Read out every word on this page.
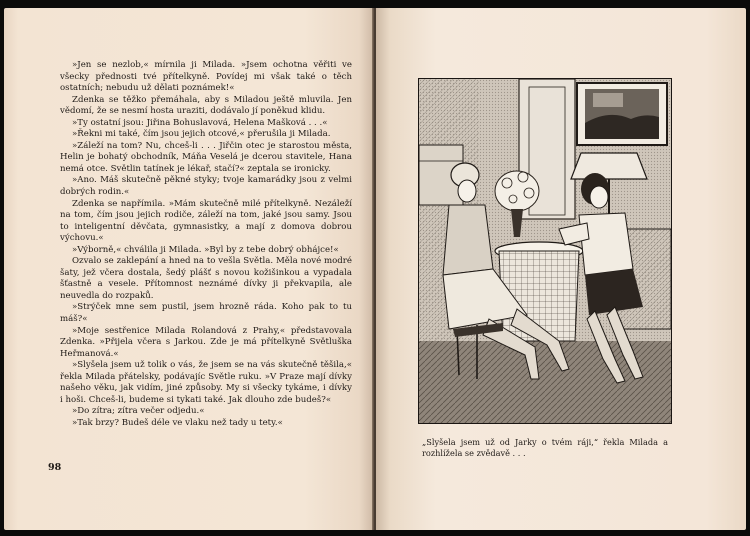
»Jen se nezlob,« mírnila ji Milada. »Jsem ochotna věřiti ve všecky přednosti tvé přítelkyně. Povídej mi však také o těch ostatních; nebudu už dělati poznámek!«

Zdenka se těžko přemáhala, aby s Miladou ještě mluvila. Jen vědomí, že se nesmí hosta uraziti, dodávalo jí poněkud klidu.

»Ty ostatní jsou: Jiřina Bohuslavová, Helena Mašková . . .«

»Řekni mi také, čím jsou jejich otcové,« přerušila ji Milada.

»Záleží na tom? Nu, chceš-li . . . Jiřčin otec je starostou města, Helin je bohatý obchodník, Máňa Veselá je dcerou stavitele, Hana nemá otce. Světlin tatínek je lékař, stačí?« zeptala se ironicky.

»Ano. Máš skutečně pěkné styky; tvoje kamarádky jsou z velmi dobrých rodin.«

Zdenka se napřímila. »Mám skutečně milé přítelkyně. Nezáleží na tom, čím jsou jejich rodiče, záleží na tom, jaké jsou samy. Jsou to inteligentní děvčata, gymnasistky, a mají z domova dobrou výchovu.«

»Výborně,« chválila ji Milada. »Byl by z tebe dobrý obhájce!«

Ozvalo se zaklepání a hned na to vešla Světla. Měla nové modré šaty, jež včera dostala, šedý plášť s novou kožišinkou a vypadala šťastně a vesele. Přítomnost neznámé dívky ji překvapila, ale neuvedla do rozpaků.

»Strýček mne sem pustil, jsem hrozně ráda. Koho pak to tu máš?«

»Moje sestřenice Milada Rolandová z Prahy,« představovala Zdenka. »Přijela včera s Jarkou. Zde je má přítelkyně Světluška Heřmanová.«

»Slyšela jsem už tolik o vás, že jsem se na vás skutečně těšila,« řekla Milada přátelsky, podávajíc Světle ruku. »V Praze mají dívky našeho věku, jak vidím, jiné způsoby. My si všecky tykáme, i dívky i hoši. Chceš-li, budeme si tykati také. Jak dlouho zde budeš?«

»Do zítra; zítra večer odjedu.«

»Tak brzy? Budeš déle ve vlaku než tady u tety.«

98
„Slyšela jsem už od Jarky o tvém ráji,“ řekla Milada a rozhlížela se zvědavě . . .
